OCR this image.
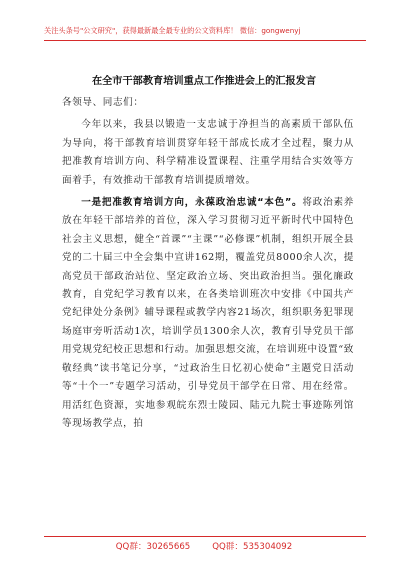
关注头条号"公文研究"，获得最新最全最专业的公文资料库！ 微信：gongwenyj
在全市干部教育培训重点工作推进会上的汇报发言

各领导、同志们：

今年以来，我县以锻造一支忠诚于净担当的高素质干部队伍为导向，将干部教育培训贯穿年轻干部成长成才全过程，聚力从把准教育培训方向、科学精准设置课程、注重学用结合实效等方面着手，有效推动干部教育培训提质增效。

一是把准教育培训方向，永葆政治忠诚“本色”。将政治素养放在年轻干部培养的首位，深入学习贯彻习近平新时代中国特色社会主义思想，健全“首课”“主课”“必修课”机制，组织开展全县党的二十届三中全会集中宣讲162期，覆盖党员8000余人次，提高党员干部政治站位、坚定政治立场、突出政治担当。强化廉政教育，自党纪学习教育以来，在各类培训班次中安排《中国共产党纪律处分条例》辅导课程或教学内容21场次，组织职务犯罪现场庭审旁听活动1次，培训学员1300余人次，教育引导党员干部用党规党纪校正思想和行动。加强思想交流，在培训班中设置“致敬经典”读书笔记分享，“过政治生日忆初心使命”主题党日活动等“十个一”专题学习活动，引导党员干部学在日常、用在经常。用活红色资源，实地参观皖东烈士陵园、陆元九院士事迹陈列馆等现场教学点，拍

QQ群：30265665	QQ群：535304092
